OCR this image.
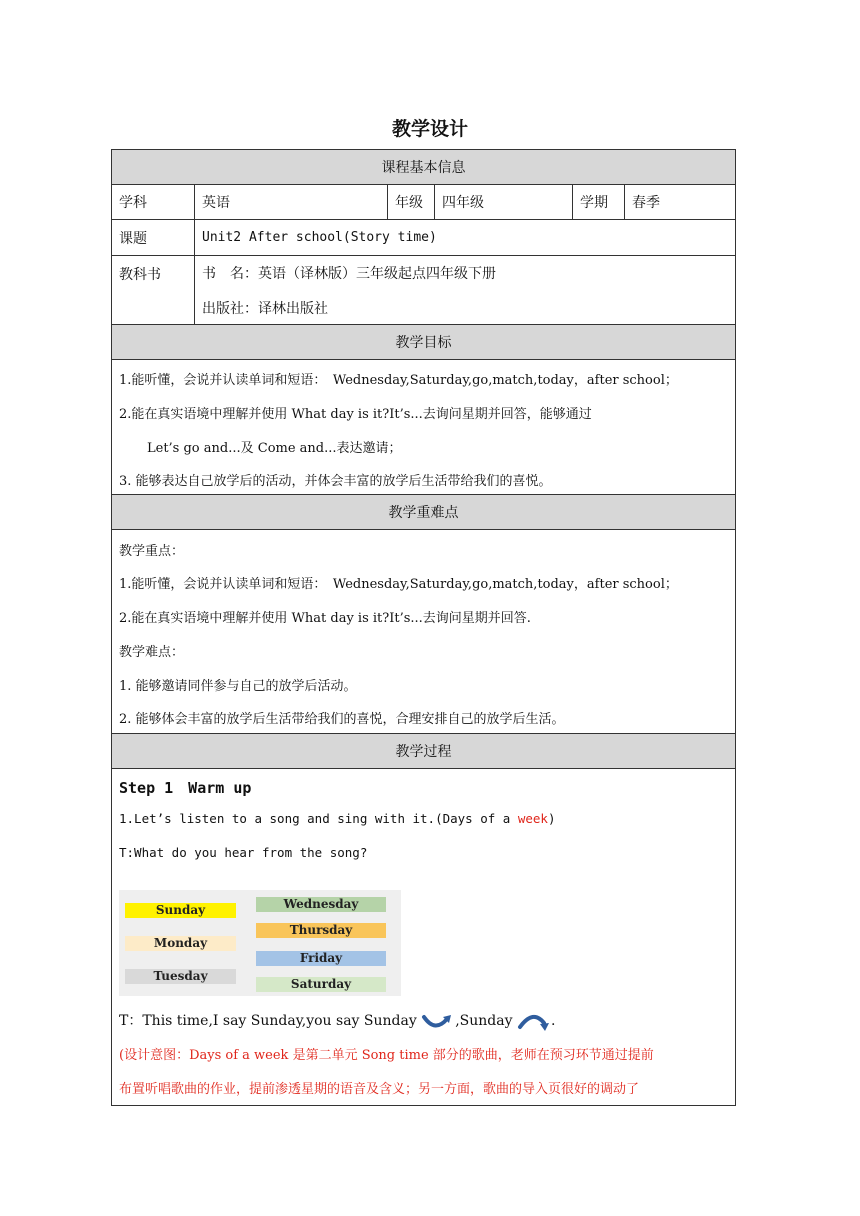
教学设计
课程基本信息
学科	英语	年级	四年级	学期	春季
课题	Unit2 After school(Story time)
教科书	书　名：英语（译林版）三年级起点四年级下册
出版社：译林出版社
教学目标
1.能听懂，会说并认读单词和短语：　Wednesday,Saturday,go,match,today，after school；
2.能在真实语境中理解并使用 What day is it?It’s...去询问星期并回答，能够通过
Let’s go and...及 Come and...表达邀请；
3. 能够表达自己放学后的活动，并体会丰富的放学后生活带给我们的喜悦。
教学重难点
教学重点：
1.能听懂，会说并认读单词和短语：　Wednesday,Saturday,go,match,today，after school；
2.能在真实语境中理解并使用 What day is it?It’s...去询问星期并回答.
教学难点：
1. 能够邀请同伴参与自己的放学后活动。
2. 能够体会丰富的放学后生活带给我们的喜悦，合理安排自己的放学后生活。
教学过程
Step 1　Warm up
1.Let’s listen to a song and sing with it.(Days of a week)
T:What do you hear from the song?
Sunday
Monday
Tuesday
Wednesday
Thursday
Friday
Saturday
T：This time,I say Sunday,you say Sunday	,Sunday	.
(设计意图：Days of a week 是第二单元 Song time 部分的歌曲，老师在预习环节通过提前
布置听唱歌曲的作业，提前渗透星期的语音及含义；另一方面，歌曲的导入页很好的调动了
